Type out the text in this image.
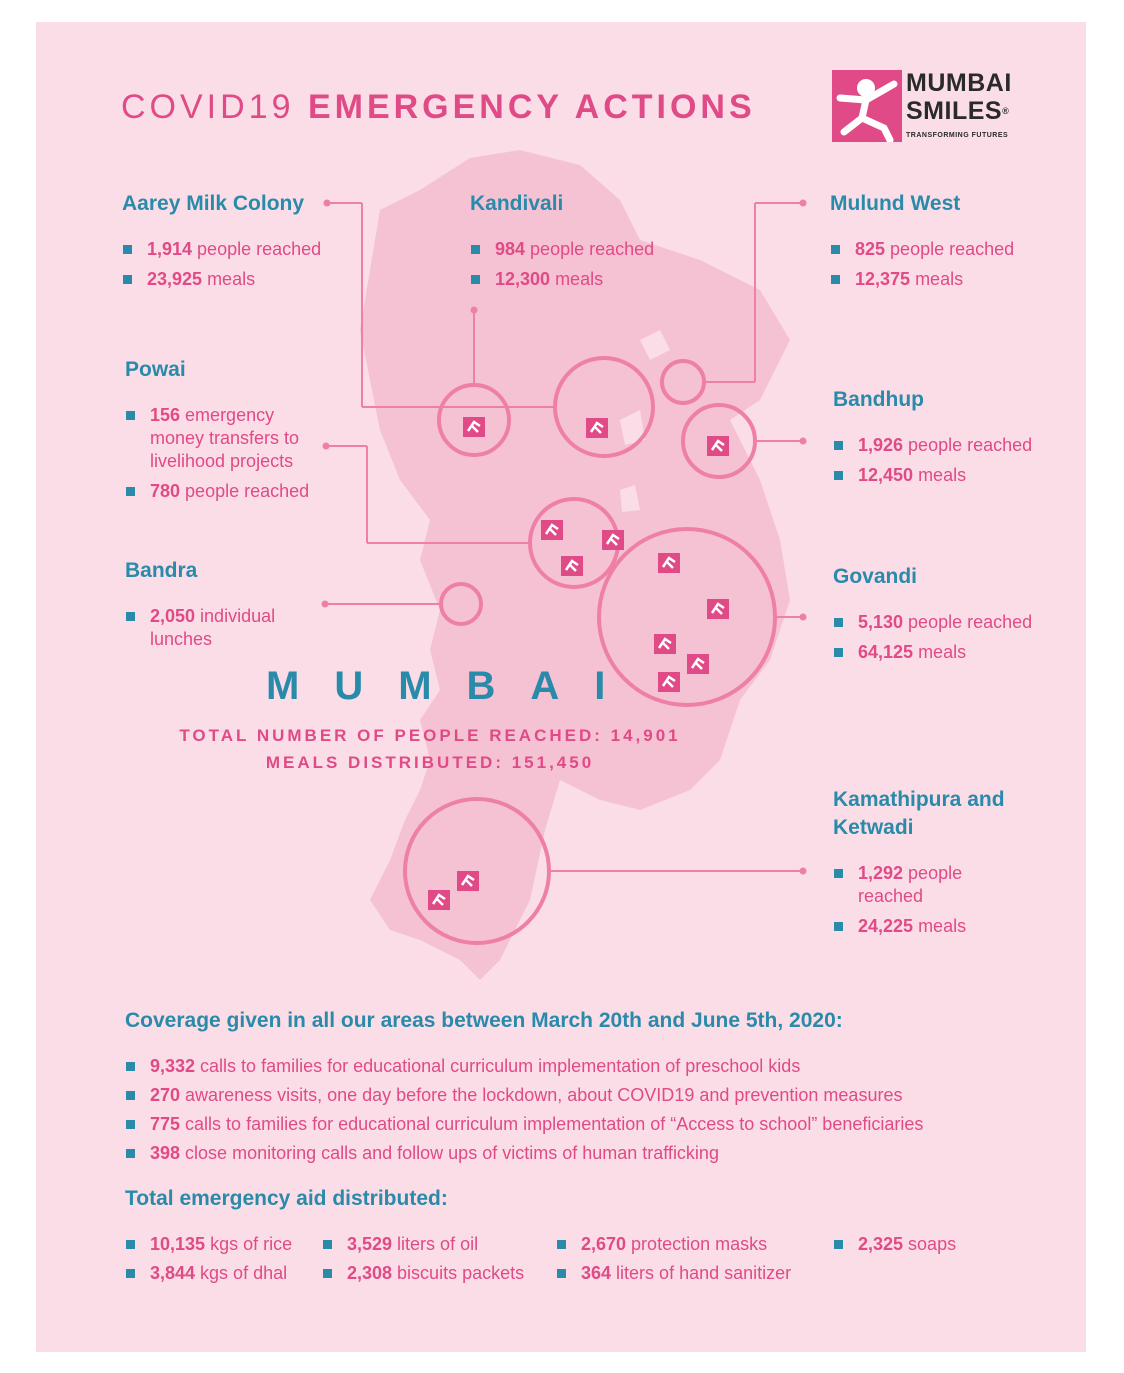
COVID19 EMERGENCY ACTIONS
MUMBAI
SMILES®
TRANSFORMING FUTURES
Aarey Milk Colony
1,914 people reached
23,925 meals
Kandivali
984 people reached
12,300 meals
Mulund West
825 people reached
12,375 meals
Powai
156 emergency money transfers to livelihood projects
780 people reached
Bandhup
1,926 people reached
12,450 meals
Bandra
2,050 individual lunches
Govandi
5,130 people reached
64,125 meals
Kamathipura and Ketwadi
1,292 people reached
24,225 meals
MUMBAI
TOTAL NUMBER OF PEOPLE REACHED: 14,901
MEALS DISTRIBUTED: 151,450
Coverage given in all our areas between March 20th and June 5th, 2020:
9,332 calls to families for educational curriculum implementation of preschool kids
270 awareness visits, one day before the lockdown, about COVID19 and prevention measures
775 calls to families for educational curriculum implementation of “Access to school” beneficiaries
398 close monitoring calls and follow ups of victims of human trafficking
Total emergency aid distributed:
10,135 kgs of rice
3,844 kgs of dhal
3,529 liters of oil
2,308 biscuits packets
2,670 protection masks
364 liters of hand sanitizer
2,325 soaps
